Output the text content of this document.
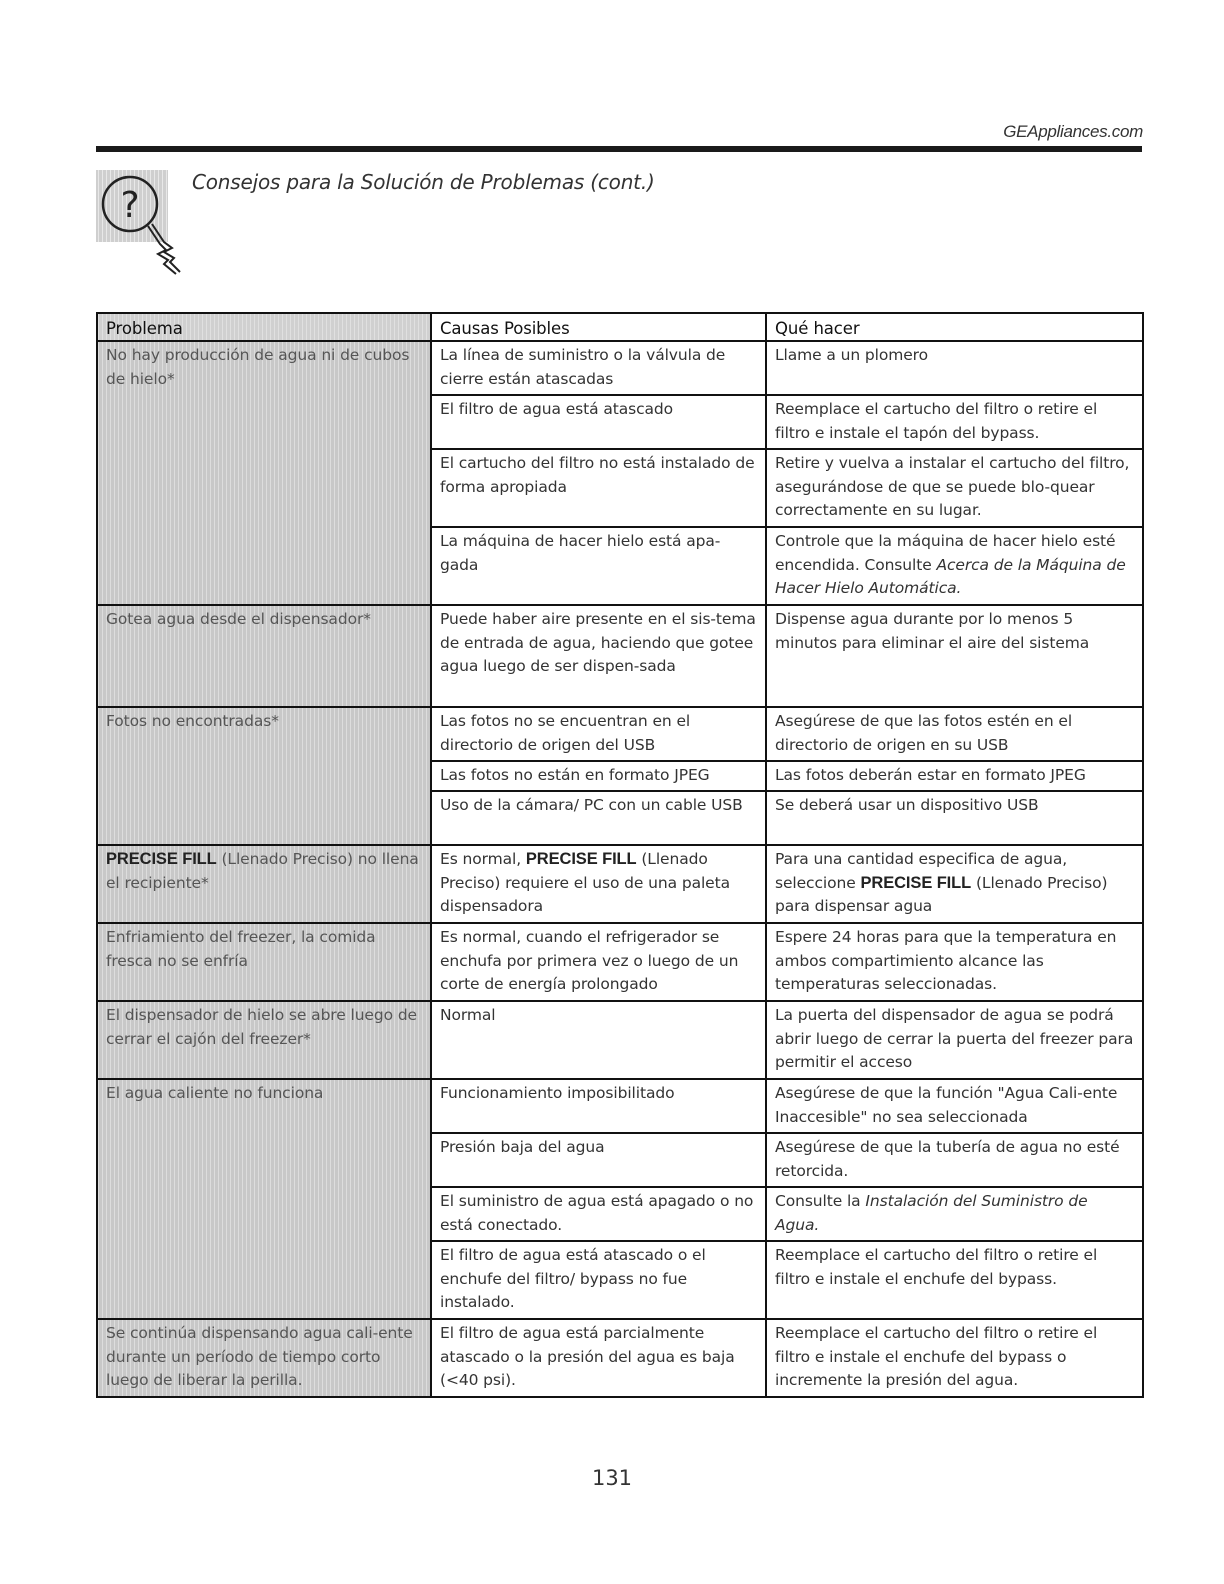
GEAppliances.com
?
Consejos para la Solución de Problemas (cont.)
Problema	Causas Posibles	Qué hacer
No hay producción de agua ni de cubos de hielo*	La línea de suministro o la válvula de cierre están atascadas	Llame a un plomero
	El filtro de agua está atascado	Reemplace el cartucho del filtro o retire el filtro e instale el tapón del bypass.
	El cartucho del filtro no está instalado de forma apropiada	Retire y vuelva a instalar el cartucho del filtro, asegurándose de que se puede blo-quear correctamente en su lugar.
	La máquina de hacer hielo está apa-gada	Controle que la máquina de hacer hielo esté encendida. Consulte Acerca de la Máquina de Hacer Hielo Automática.
Gotea agua desde el dispensador*	Puede haber aire presente en el sis-tema de entrada de agua, haciendo que gotee agua luego de ser dispen-sada	Dispense agua durante por lo menos 5 minutos para eliminar el aire del sistema
Fotos no encontradas*	Las fotos no se encuentran en el directorio de origen del USB	Asegúrese de que las fotos estén en el directorio de origen en su USB
	Las fotos no están en formato JPEG	Las fotos deberán estar en formato JPEG
	Uso de la cámara/ PC con un cable USB	Se deberá usar un dispositivo USB
PRECISE FILL (Llenado Preciso) no llena el recipiente*	Es normal, PRECISE FILL (Llenado Preciso) requiere el uso de una paleta dispensadora	Para una cantidad especifica de agua, seleccione PRECISE FILL (Llenado Preciso) para dispensar agua
Enfriamiento del freezer, la comida fresca no se enfría	Es normal, cuando el refrigerador se enchufa por primera vez o luego de un corte de energía prolongado	Espere 24 horas para que la temperatura en ambos compartimiento alcance las temperaturas seleccionadas.
El dispensador de hielo se abre luego de cerrar el cajón del freezer*	Normal	La puerta del dispensador de agua se podrá abrir luego de cerrar la puerta del freezer para permitir el acceso
El agua caliente no funciona	Funcionamiento imposibilitado	Asegúrese de que la función "Agua Cali-ente Inaccesible" no sea seleccionada
	Presión baja del agua	Asegúrese de que la tubería de agua no esté retorcida.
	El suministro de agua está apagado o no está conectado.	Consulte la Instalación del Suministro de Agua.
	El filtro de agua está atascado o el enchufe del filtro/ bypass no fue instalado.	Reemplace el cartucho del filtro o retire el filtro e instale el enchufe del bypass.
Se continúa dispensando agua cali-ente durante un período de tiempo corto luego de liberar la perilla.	El filtro de agua está parcialmente atascado o la presión del agua es baja (<40 psi).	Reemplace el cartucho del filtro o retire el filtro e instale el enchufe del bypass o incremente la presión del agua.
131
